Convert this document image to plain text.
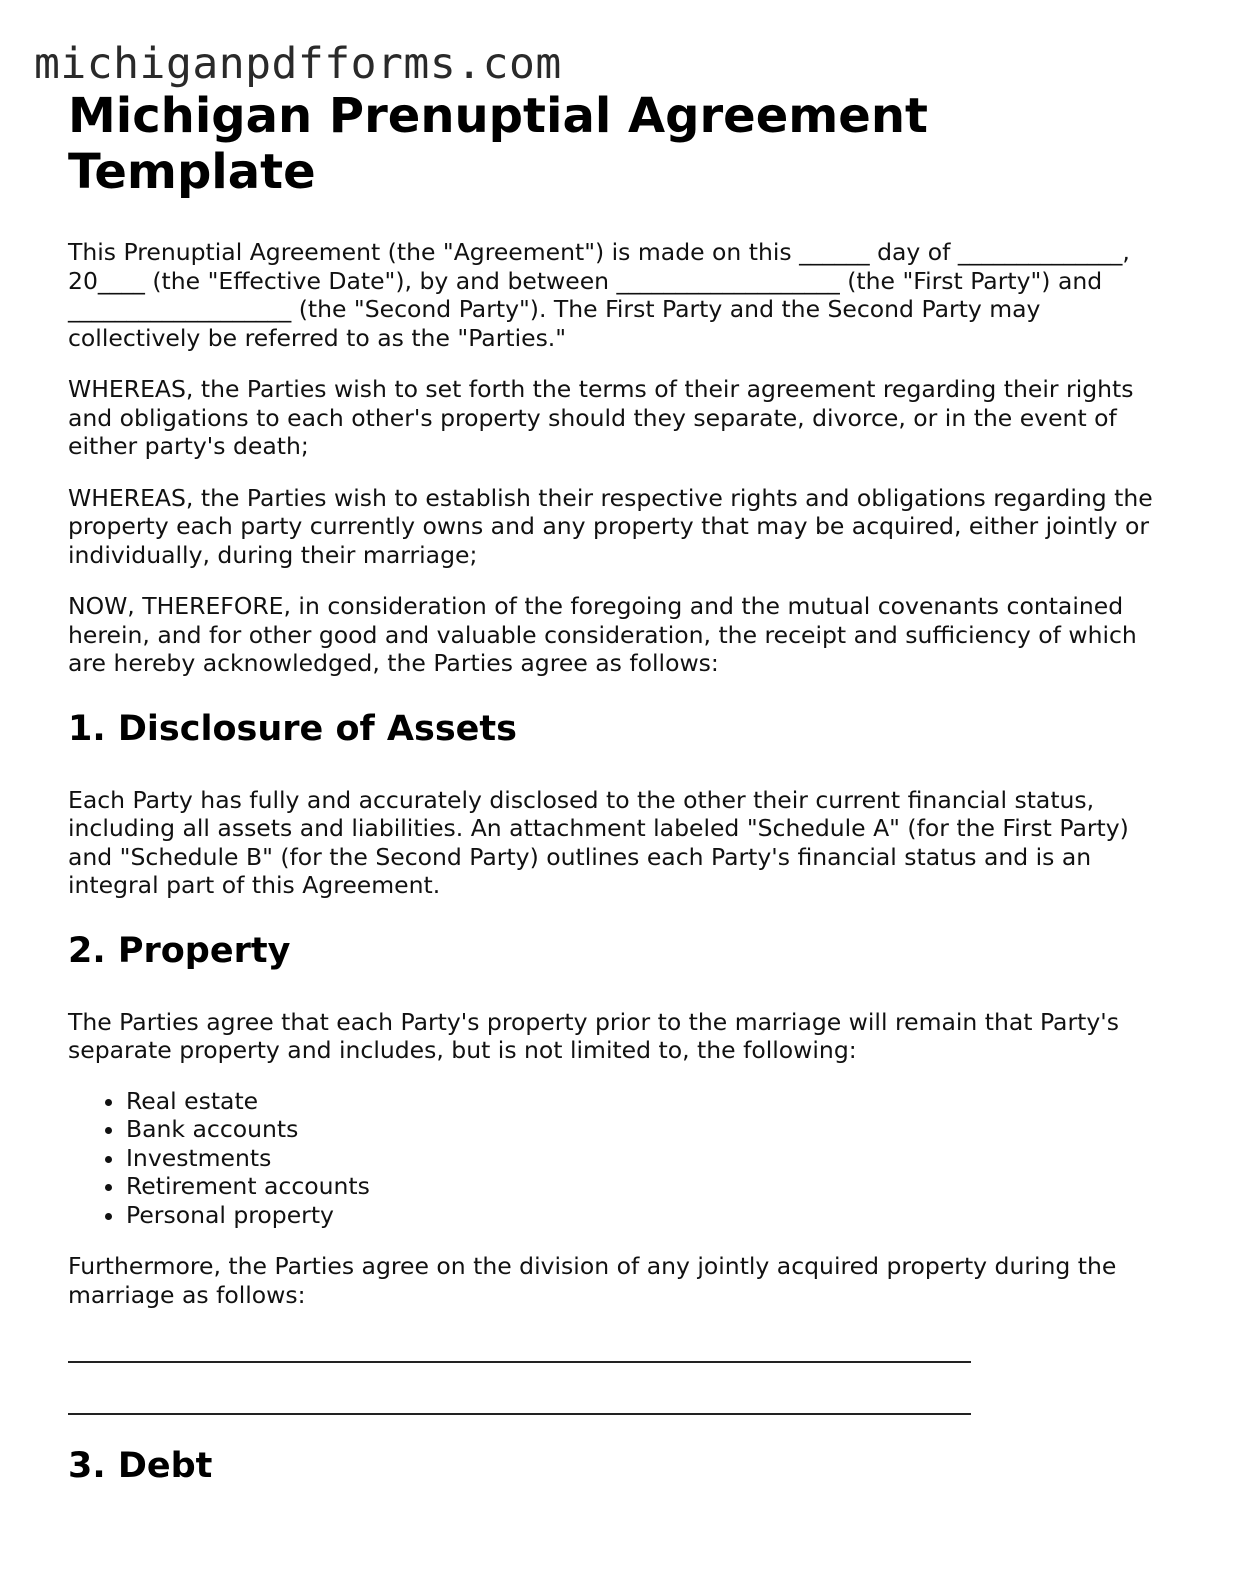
michiganpdfforms.com
Michigan Prenuptial Agreement Template

This Prenuptial Agreement (the "Agreement") is made on this ______ day of ______________, 20____ (the "Effective Date"), by and between ___________________ (the "First Party") and ___________________ (the "Second Party"). The First Party and the Second Party may collectively be referred to as the "Parties."

WHEREAS, the Parties wish to set forth the terms of their agreement regarding their rights and obligations to each other's property should they separate, divorce, or in the event of either party's death;

WHEREAS, the Parties wish to establish their respective rights and obligations regarding the property each party currently owns and any property that may be acquired, either jointly or individually, during their marriage;

NOW, THEREFORE, in consideration of the foregoing and the mutual covenants contained herein, and for other good and valuable consideration, the receipt and sufficiency of which are hereby acknowledged, the Parties agree as follows:

1. Disclosure of Assets

Each Party has fully and accurately disclosed to the other their current financial status, including all assets and liabilities. An attachment labeled "Schedule A" (for the First Party) and "Schedule B" (for the Second Party) outlines each Party's financial status and is an integral part of this Agreement.

2. Property

The Parties agree that each Party's property prior to the marriage will remain that Party's separate property and includes, but is not limited to, the following:

• Real estate
• Bank accounts
• Investments
• Retirement accounts
• Personal property

Furthermore, the Parties agree on the division of any jointly acquired property during the marriage as follows:

3. Debt
